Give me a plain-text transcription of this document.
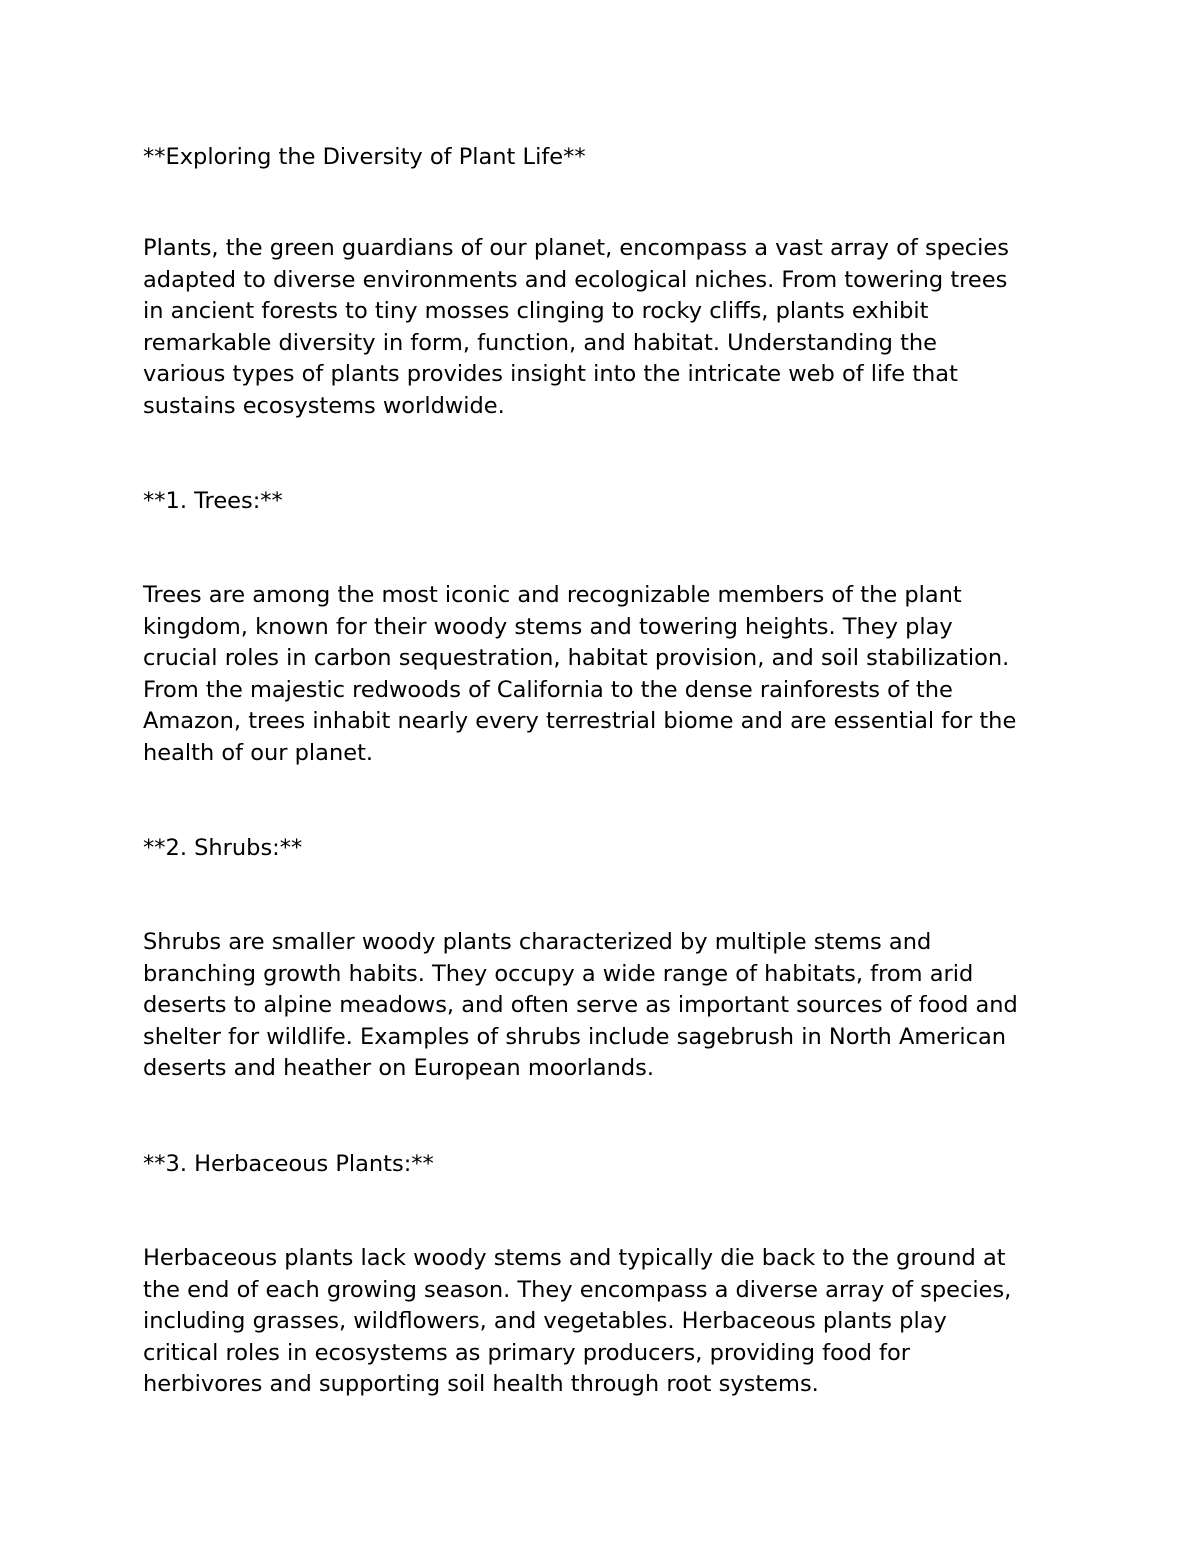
**Exploring the Diversity of Plant Life**

Plants, the green guardians of our planet, encompass a vast array of species
adapted to diverse environments and ecological niches. From towering trees
in ancient forests to tiny mosses clinging to rocky cliffs, plants exhibit
remarkable diversity in form, function, and habitat. Understanding the
various types of plants provides insight into the intricate web of life that
sustains ecosystems worldwide.

**1. Trees:**

Trees are among the most iconic and recognizable members of the plant
kingdom, known for their woody stems and towering heights. They play
crucial roles in carbon sequestration, habitat provision, and soil stabilization.
From the majestic redwoods of California to the dense rainforests of the
Amazon, trees inhabit nearly every terrestrial biome and are essential for the
health of our planet.

**2. Shrubs:**

Shrubs are smaller woody plants characterized by multiple stems and
branching growth habits. They occupy a wide range of habitats, from arid
deserts to alpine meadows, and often serve as important sources of food and
shelter for wildlife. Examples of shrubs include sagebrush in North American
deserts and heather on European moorlands.

**3. Herbaceous Plants:**

Herbaceous plants lack woody stems and typically die back to the ground at
the end of each growing season. They encompass a diverse array of species,
including grasses, wildflowers, and vegetables. Herbaceous plants play
critical roles in ecosystems as primary producers, providing food for
herbivores and supporting soil health through root systems.
